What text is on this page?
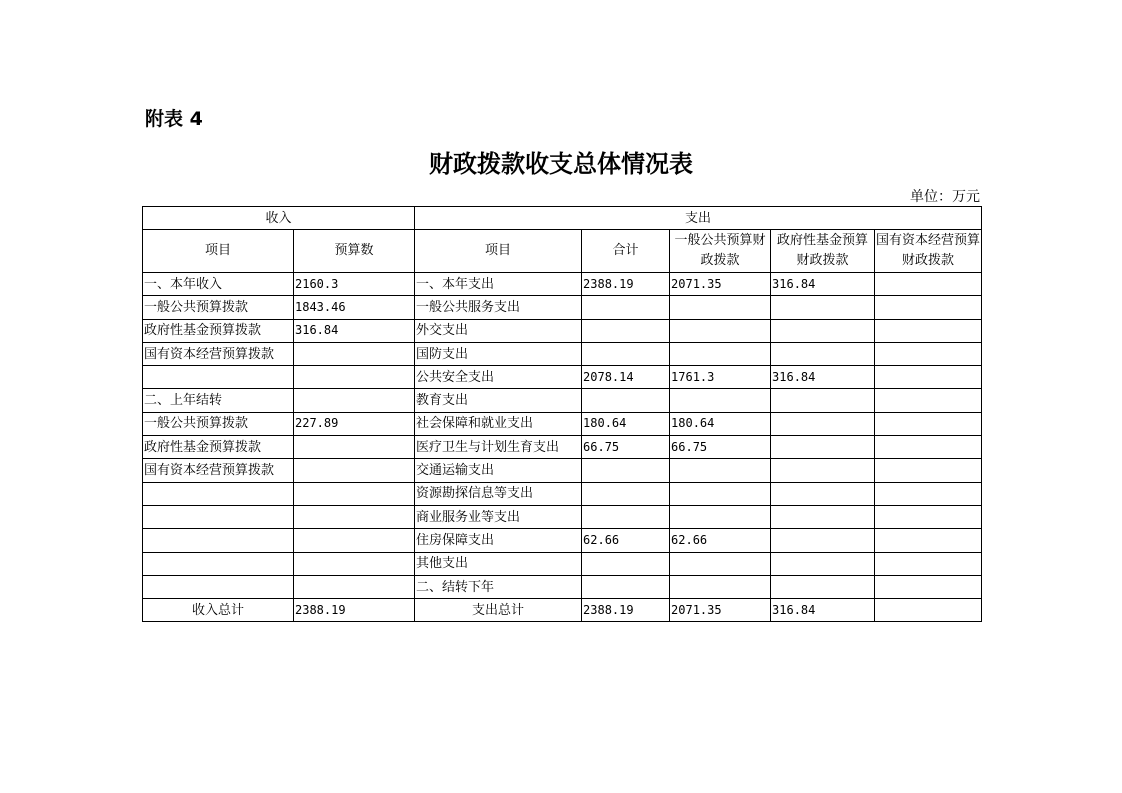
附表 4
财政拨款收支总体情况表
单位：万元
收入		支出				
项目	预算数	项目	合计	一般公共预算财政拨款	政府性基金预算财政拨款	国有资本经营预算财政拨款
一、本年收入	2160.3	一、本年支出	2388.19	2071.35	316.84	
一般公共预算拨款	1843.46	一般公共服务支出				
政府性基金预算拨款	316.84	外交支出				
国有资本经营预算拨款		国防支出				
		公共安全支出	2078.14	1761.3	316.84	
二、上年结转		教育支出				
一般公共预算拨款	227.89	社会保障和就业支出	180.64	180.64		
政府性基金预算拨款		医疗卫生与计划生育支出	66.75	66.75		
国有资本经营预算拨款		交通运输支出				
		资源勘探信息等支出				
		商业服务业等支出				
		住房保障支出	62.66	62.66		
		其他支出				
		二、结转下年				
收入总计	2388.19	支出总计	2388.19	2071.35	316.84	
